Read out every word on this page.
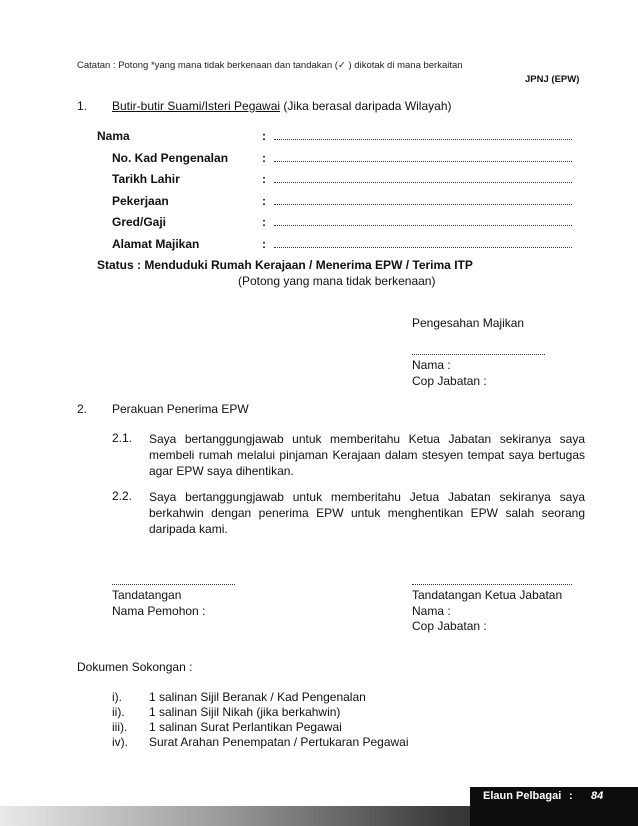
Catatan : Potong *yang mana tidak berkenaan dan tandakan (✓ ) dikotak di mana berkaitan
JPNJ (EPW)
1. Butir-butir Suami/Isteri Pegawai (Jika berasal daripada Wilayah)
Nama	:
No. Kad Pengenalan	:
Tarikh Lahir	:
Pekerjaan	:
Gred/Gaji	:
Alamat Majikan	:
Status : Menduduki Rumah Kerajaan / Menerima EPW / Terima ITP
(Potong yang mana tidak berkenaan)
Pengesahan Majikan
Nama :
Cop Jabatan :
2. Perakuan Penerima EPW
2.1. Saya bertanggungjawab untuk memberitahu Ketua Jabatan sekiranya saya membeli rumah melalui pinjaman Kerajaan dalam stesyen tempat saya bertugas agar EPW saya dihentikan.
2.2. Saya bertanggungjawab untuk memberitahu Jetua Jabatan sekiranya saya berkahwin dengan penerima EPW untuk menghentikan EPW salah seorang daripada kami.
Tandatangan
Nama Pemohon :
Tandatangan Ketua Jabatan
Nama :
Cop Jabatan :
Dokumen Sokongan :
i). 1 salinan Sijil Beranak / Kad Pengenalan
ii). 1 salinan Sijil Nikah (jika berkahwin)
iii). 1 salinan Surat Perlantikan Pegawai
iv). Surat Arahan Penempatan / Pertukaran Pegawai
Elaun Pelbagai : 84
